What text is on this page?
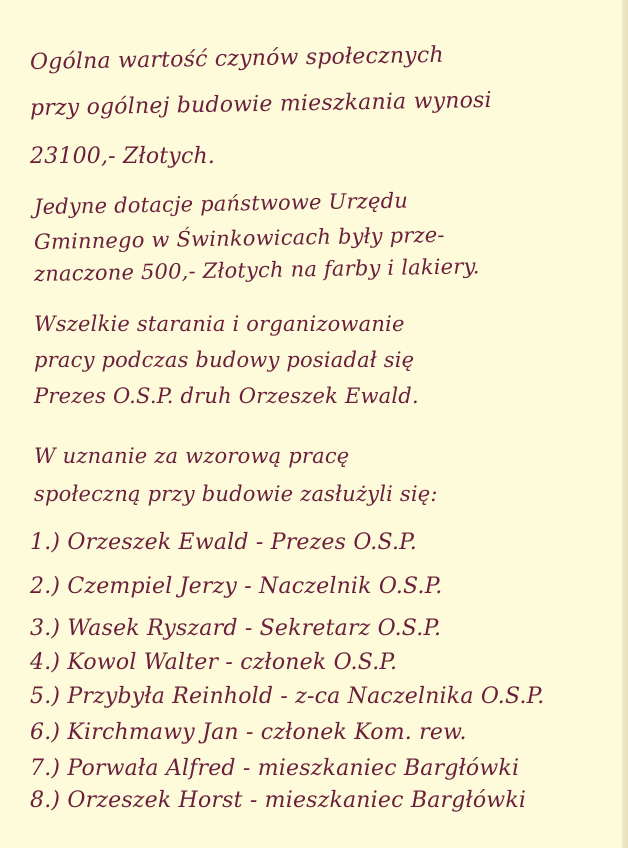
Ogólna wartość czynów społecznych
przy ogólnej budowie mieszkania wynosi
23100,- Złotych.
Jedyne dotacje państwowe Urzędu
Gminnego w Świnkowicach były prze-
znaczone 500,- Złotych na farby i lakiery.
Wszelkie starania i organizowanie
pracy podczas budowy posiadał się
Prezes O.S.P. druh Orzeszek Ewald.
W uznanie za wzorową pracę
społeczną przy budowie zasłużyli się:
1.) Orzeszek Ewald - Prezes O.S.P.
2.) Czempiel Jerzy - Naczelnik O.S.P.
3.) Wasek Ryszard - Sekretarz O.S.P.
4.) Kowol Walter - członek O.S.P.
5.) Przybyła Reinhold - z-ca Naczelnika O.S.P.
6.) Kirchmawy Jan - członek Kom. rew.
7.) Porwała Alfred - mieszkaniec Bargłówki
8.) Orzeszek Horst - mieszkaniec Bargłówki
